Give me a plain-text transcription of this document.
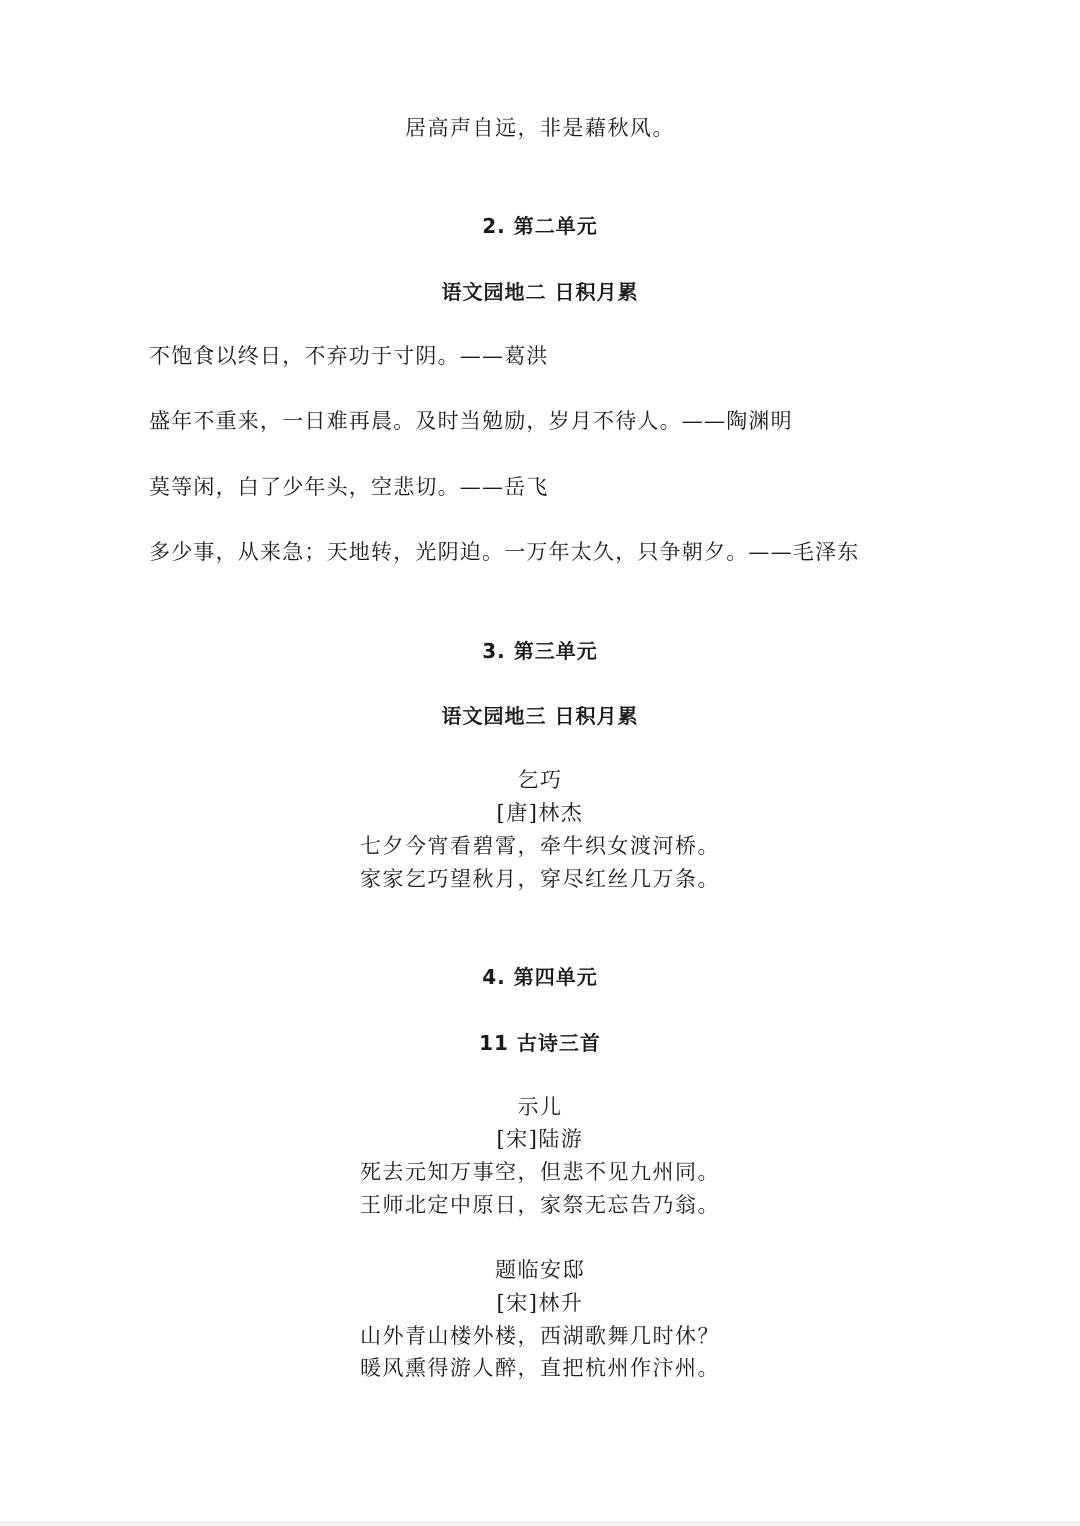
居高声自远，非是藉秋风。
2. 第二单元
语文园地二 日积月累
不饱食以终日，不弃功于寸阴。——葛洪
盛年不重来，一日难再晨。及时当勉励，岁月不待人。——陶渊明
莫等闲，白了少年头，空悲切。——岳飞
多少事，从来急；天地转，光阴迫。一万年太久，只争朝夕。——毛泽东
3. 第三单元
语文园地三 日积月累
乞巧
[唐]林杰
七夕今宵看碧霄，牵牛织女渡河桥。
家家乞巧望秋月，穿尽红丝几万条。
4. 第四单元
11 古诗三首
示儿
[宋]陆游
死去元知万事空，但悲不见九州同。
王师北定中原日，家祭无忘告乃翁。
题临安邸
[宋]林升
山外青山楼外楼，西湖歌舞几时休？
暖风熏得游人醉，直把杭州作汴州。
